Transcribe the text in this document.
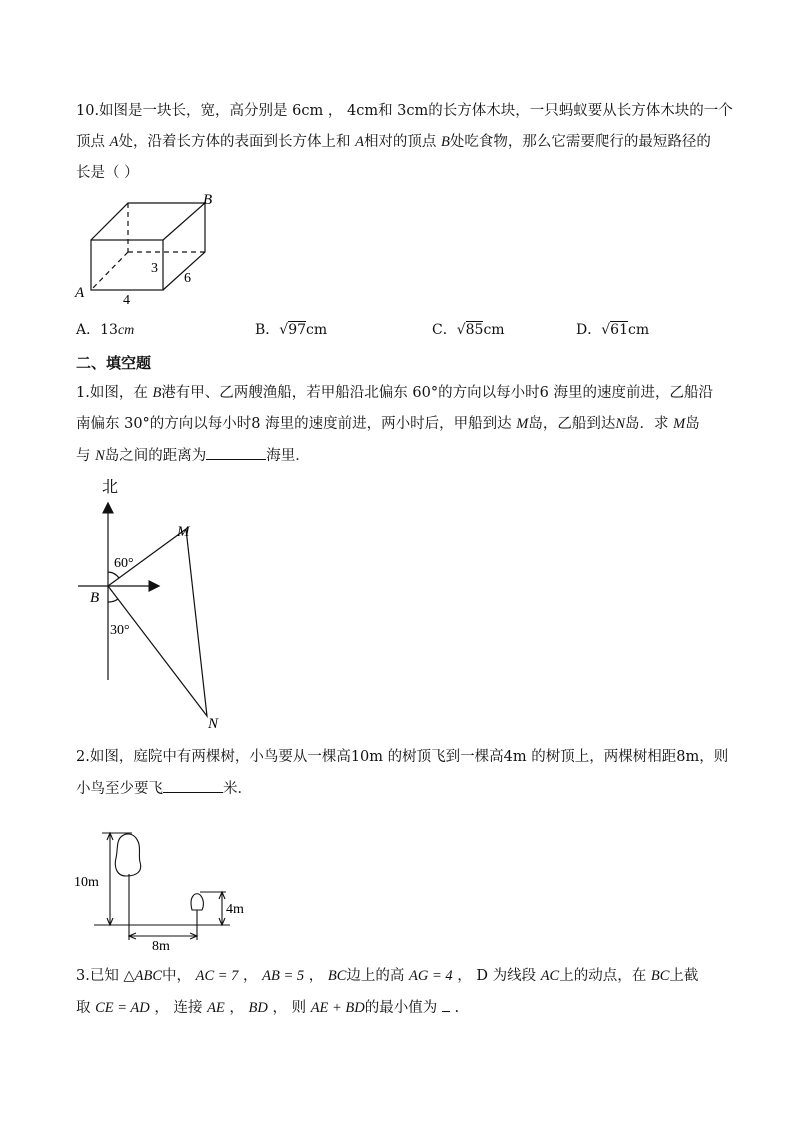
10.如图是一块长，宽，高分别是 6cm ， 4cm和 3cm的长方体木块，一只蚂蚁要从长方体木块的一个
顶点 A处，沿着长方体的表面到长方体上和 A相对的顶点 B处吃食物，那么它需要爬行的最短路径的
长是（ ）
A
B
3
6
4
A．13cm	B．√97cm	C．√85cm	D．√61cm
二、填空题
1.如图，在 B港有甲、乙两艘渔船，若甲船沿北偏东 60°的方向以每小时6 海里的速度前进，乙船沿
南偏东 30°的方向以每小时8 海里的速度前进，两小时后，甲船到达 M岛，乙船到达N岛．求 M岛
与 N岛之间的距离为	海里．
北
M
N
B
60°
30°
2.如图，庭院中有两棵树，小鸟要从一棵高10m 的树顶飞到一棵高4m 的树顶上，两棵树相距8m，则
小鸟至少要飞	米．
10m
4m
8m
3.已知 △ABC中， AC = 7 ， AB = 5 ， BC边上的高 AG = 4 ， D 为线段 AC上的动点，在 BC上截
取 CE = AD ， 连接 AE ， BD ， 则 AE + BD的最小值为  .
